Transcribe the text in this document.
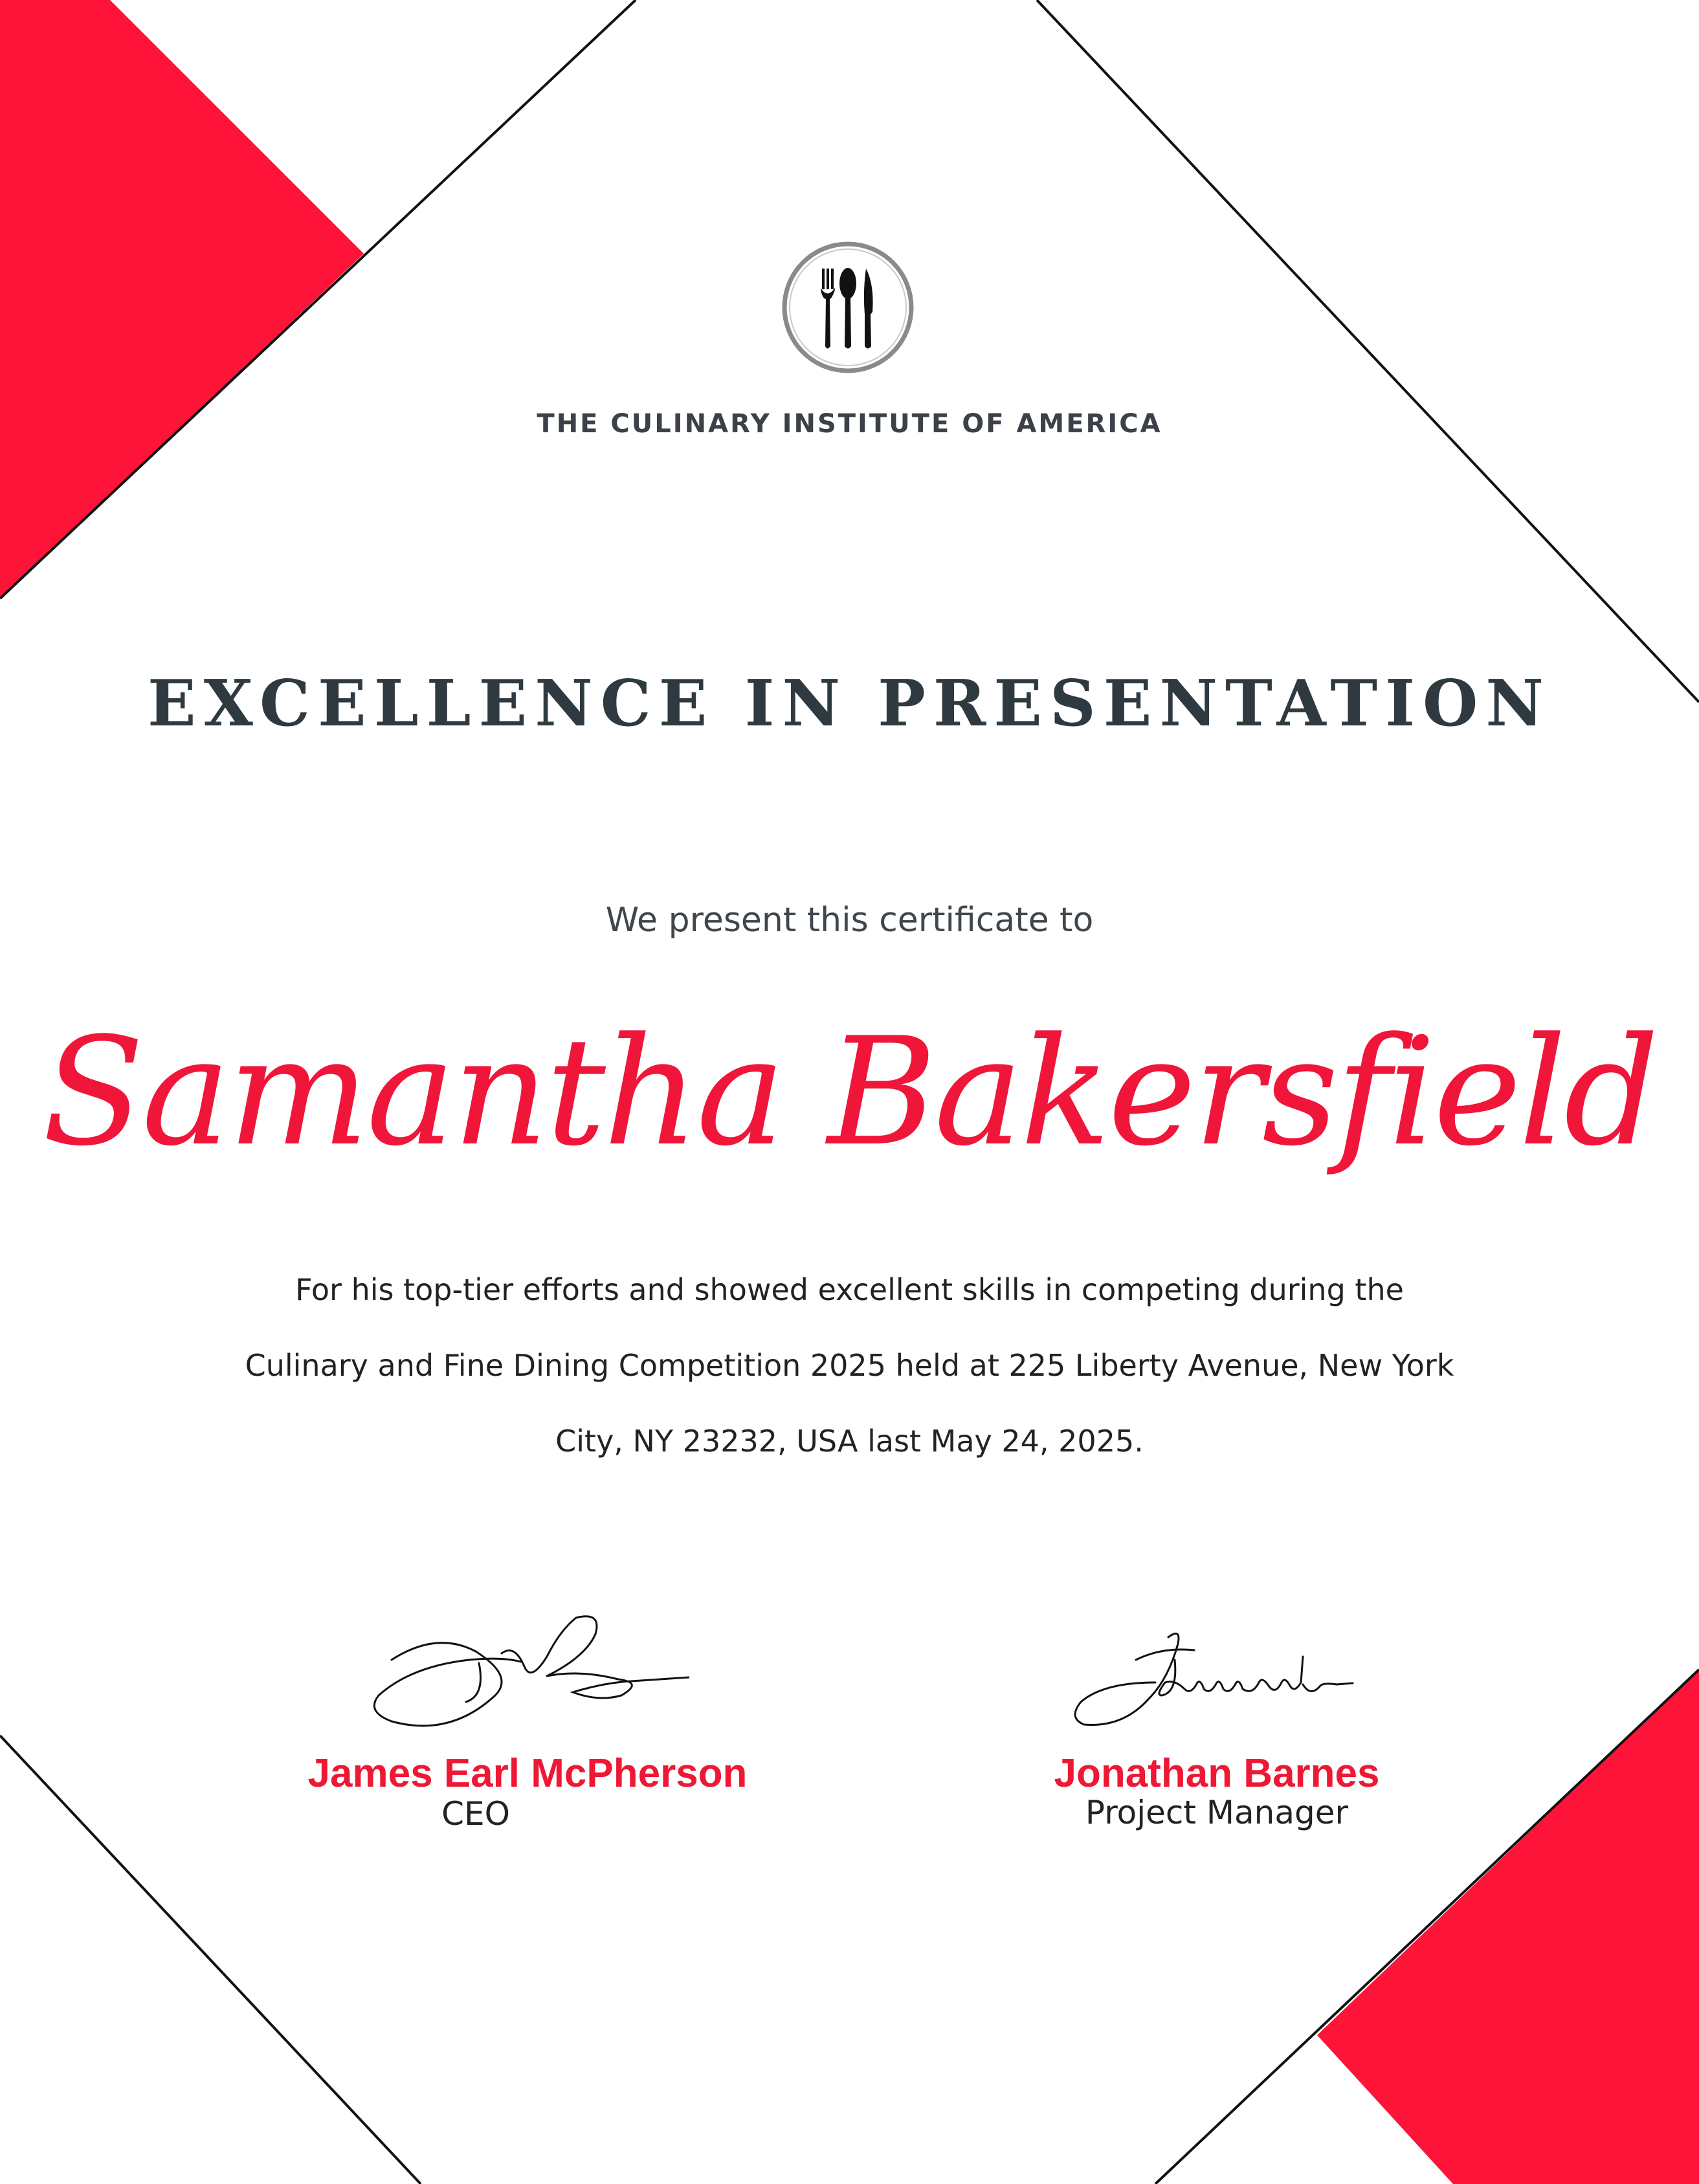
THE CULINARY INSTITUTE OF AMERICA

EXCELLENCE IN PRESENTATION

We present this certificate to

Samantha Bakersfield

For his top-tier efforts and showed excellent skills in competing during the
Culinary and Fine Dining Competition 2025 held at 225 Liberty Avenue, New York
City, NY 23232, USA last May 24, 2025.

James Earl McPherson

CEO

Jonathan Barnes

Project Manager
